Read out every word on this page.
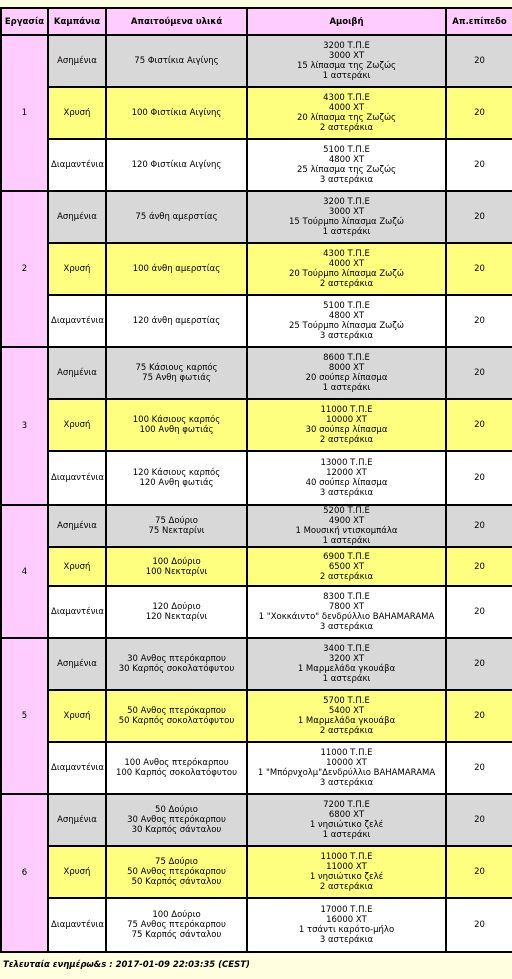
Εργασία	Καμπάνια	Απαιτούμενα υλικά	Αμοιβή	Απ.επίπεδο
1	Ασημένια	75 Φιστίκια Αιγίνης	3200 Τ.Π.Ε
3000 ΧΤ
15 λίπασμα της Ζωζώς
1 αστεράκι	20
	Χρυσή	100 Φιστίκια Αιγίνης	4300 Τ.Π.Ε
4000 ΧΤ
20 λίπασμα της Ζωζώς
2 αστεράκια	20
	Διαμαντένια	120 Φιστίκια Αιγίνης	5100 Τ.Π.Ε
4800 ΧΤ
25 λίπασμα της Ζωζώς
3 αστεράκια	20
2	Ασημένια	75 άνθη αμερστίας	3200 Τ.Π.Ε
3000 ΧΤ
15 Τούρμπο λίπασμα Ζωζώ
1 αστεράκι	20
	Χρυσή	100 άνθη αμερστίας	4300 Τ.Π.Ε
4000 ΧΤ
20 Τούρμπο λίπασμα Ζωζώ
2 αστεράκια	20
	Διαμαντένια	120 άνθη αμερστίας	5100 Τ.Π.Ε
4800 ΧΤ
25 Τούρμπο λίπασμα Ζωζώ
3 αστεράκια	20
3	Ασημένια	75 Κάσιους καρπός
75 Ανθη φωτιάς	8600 Τ.Π.Ε
8000 ΧΤ
20 σούπερ λίπασμα
1 αστεράκι	20
	Χρυσή	100 Κάσιους καρπός
100 Ανθη φωτιάς	11000 Τ.Π.Ε
10000 ΧΤ
30 σούπερ λίπασμα
2 αστεράκια	20
	Διαμαντένια	120 Κάσιους καρπός
120 Ανθη φωτιάς	13000 Τ.Π.Ε
12000 ΧΤ
40 σούπερ λίπασμα
3 αστεράκια	20
4	Ασημένια	75 Δούριο
75 Νεκταρίνι	5200 Τ.Π.Ε
4900 ΧΤ
1 Μουσική ντισκομπάλα
1 αστεράκι	20
	Χρυσή	100 Δούριο
100 Νεκταρίνι	6900 Τ.Π.Ε
6500 ΧΤ
2 αστεράκια	20
	Διαμαντένια	120 Δούριο
120 Νεκταρίνι	8300 Τ.Π.Ε
7800 ΧΤ
1 "Χοκκάιντο" δενδρύλλιο BAHAMARAMA
3 αστεράκια	20
5	Ασημένια	30 Ανθος πτερόκαρπου
30 Καρπός σοκολατόφυτου	3400 Τ.Π.Ε
3200 ΧΤ
1 Μαρμελάδα γκουάβα
1 αστεράκι	20
	Χρυσή	50 Ανθος πτερόκαρπου
50 Καρπός σοκολατόφυτου	5700 Τ.Π.Ε
5400 ΧΤ
1 Μαρμελάδα γκουάβα
2 αστεράκια	20
	Διαμαντένια	100 Ανθος πτερόκαρπου
100 Καρπός σοκολατόφυτου	11000 Τ.Π.Ε
10000 ΧΤ
1 "Μπόρνχολμ"Δενδρύλλιο BAHAMARAMA
3 αστεράκια	20
6	Ασημένια	50 Δούριο
30 Ανθος πτερόκαρπου
30 Καρπός σάνταλου	7200 Τ.Π.Ε
6800 ΧΤ
1 νησιώτικο ζελέ
1 αστεράκι	20
	Χρυσή	75 Δούριο
50 Ανθος πτερόκαρπου
50 Καρπός σάνταλου	11000 Τ.Π.Ε
11000 ΧΤ
1 νησιώτικο ζελέ
2 αστεράκια	20
	Διαμαντένια	100 Δούριο
75 Ανθος πτερόκαρπου
75 Καρπός σάνταλου	17000 Τ.Π.Ε
16000 ΧΤ
1 τσάντι καρότο-μήλο
3 αστεράκια	20
Τελευταία ενημέρω&s : 2017-01-09 22:03:35 (CEST)
